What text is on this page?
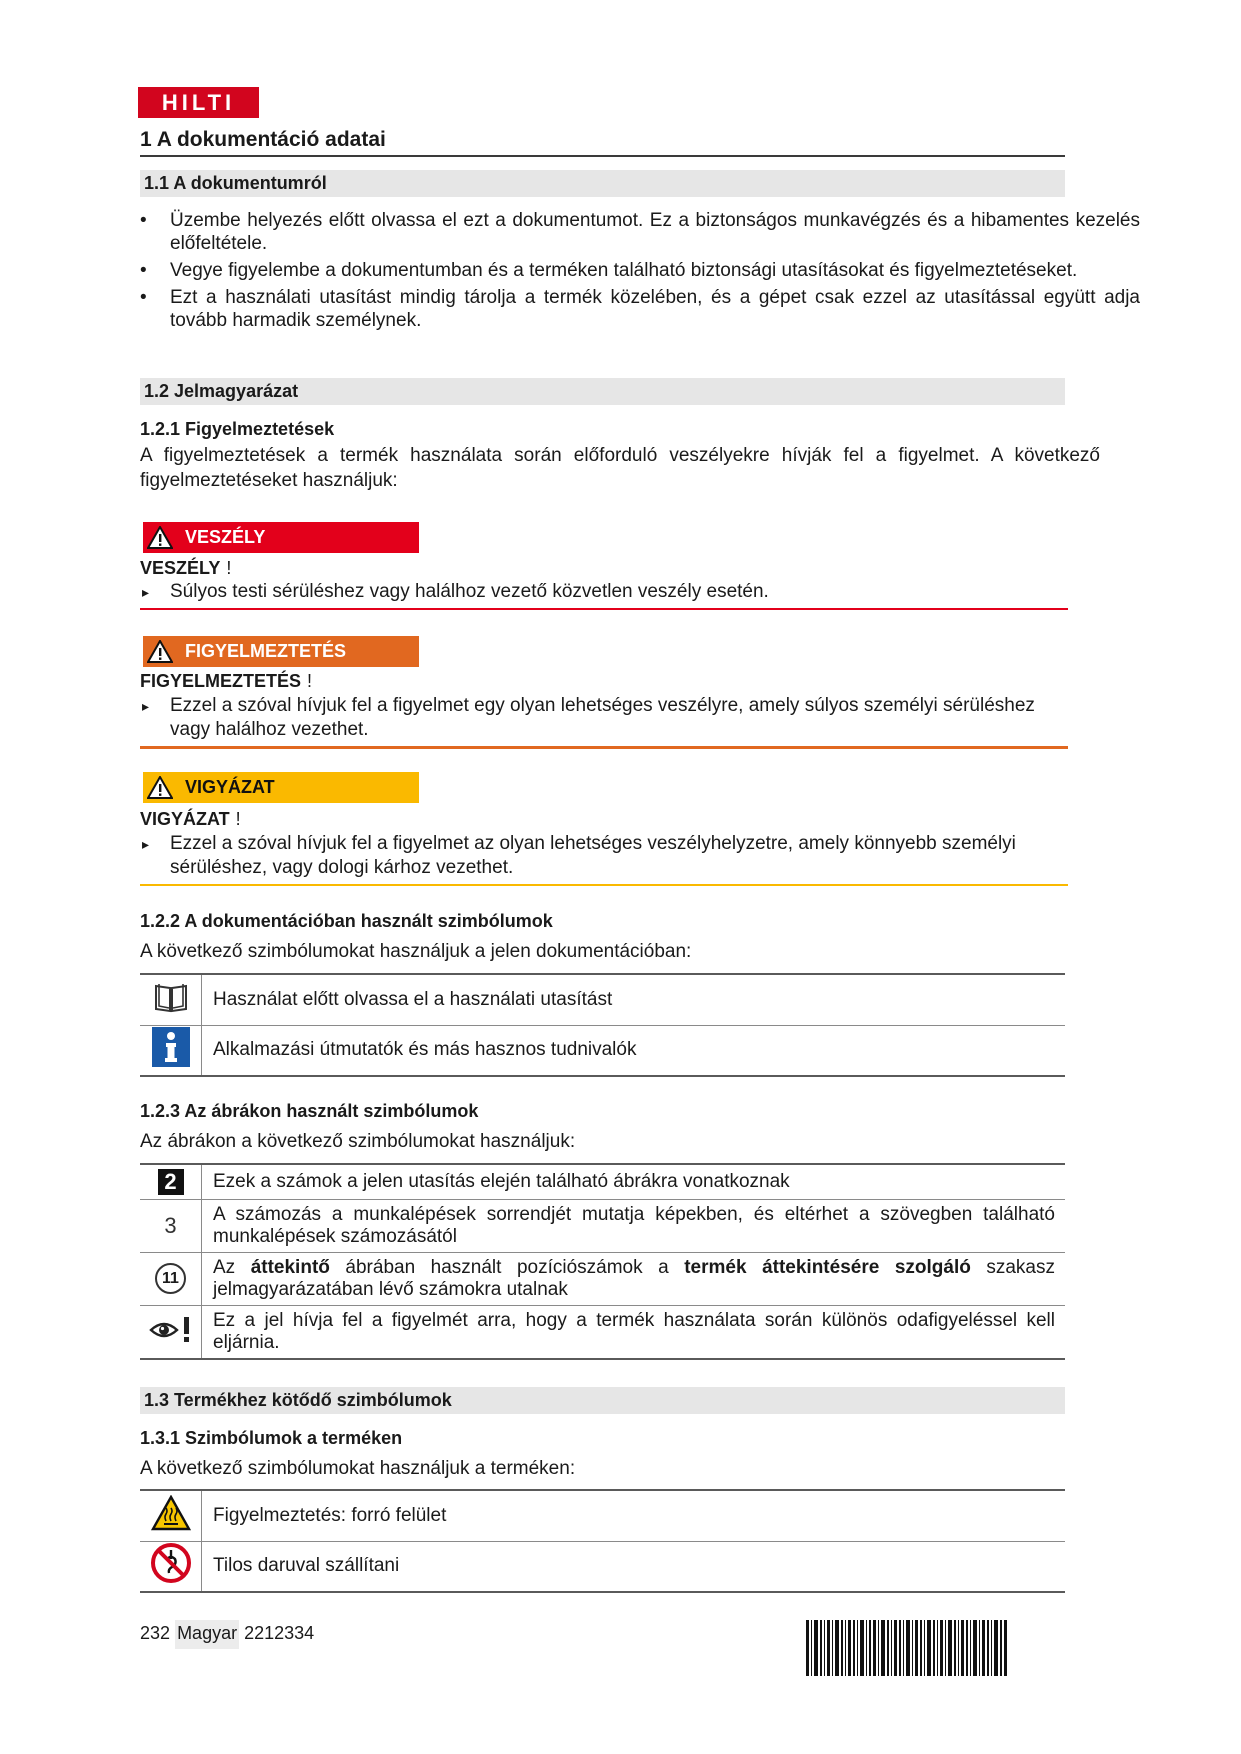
HILTI
1 A dokumentáció adatai
1.1 A dokumentumról
• Üzembe helyezés előtt olvassa el ezt a dokumentumot. Ez a biztonságos munkavégzés és a hibamentes kezelés előfeltétele.
• Vegye figyelembe a dokumentumban és a terméken található biztonsági utasításokat és figyelmeztetéseket.
• Ezt a használati utasítást mindig tárolja a termék közelében, és a gépet csak ezzel az utasítással együtt adja tovább harmadik személynek.
1.2 Jelmagyarázat
1.2.1 Figyelmeztetések
A figyelmeztetések a termék használata során előforduló veszélyekre hívják fel a figyelmet. A következő figyelmeztetéseket használjuk:
VESZÉLY
VESZÉLY !
▸ Súlyos testi sérüléshez vagy halálhoz vezető közvetlen veszély esetén.
FIGYELMEZTETÉS
FIGYELMEZTETÉS !
▸ Ezzel a szóval hívjuk fel a figyelmet egy olyan lehetséges veszélyre, amely súlyos személyi sérüléshez vagy halálhoz vezethet.
VIGYÁZAT
VIGYÁZAT !
▸ Ezzel a szóval hívjuk fel a figyelmet az olyan lehetséges veszélyhelyzetre, amely könnyebb személyi sérüléshez, vagy dologi kárhoz vezethet.
1.2.2 A dokumentációban használt szimbólumok
A következő szimbólumokat használjuk a jelen dokumentációban:
	Használat előtt olvassa el a használati utasítást
	Alkalmazási útmutatók és más hasznos tudnivalók
1.2.3 Az ábrákon használt szimbólumok
Az ábrákon a következő szimbólumokat használjuk:
2	Ezek a számok a jelen utasítás elején található ábrákra vonatkoznak
3	A számozás a munkalépések sorrendjét mutatja képekben, és eltérhet a szövegben található munkalépések számozásától
11	Az áttekintő ábrában használt pozíciószámok a termék áttekintésére szolgáló szakasz jelmagyarázatában lévő számokra utalnak
	Ez a jel hívja fel a figyelmét arra, hogy a termék használata során különös odafigyeléssel kell eljárnia.
1.3 Termékhez kötődő szimbólumok
1.3.1 Szimbólumok a terméken
A következő szimbólumokat használjuk a terméken:
	Figyelmeztetés: forró felület
	Tilos daruval szállítani
232 Magyar 2212334
